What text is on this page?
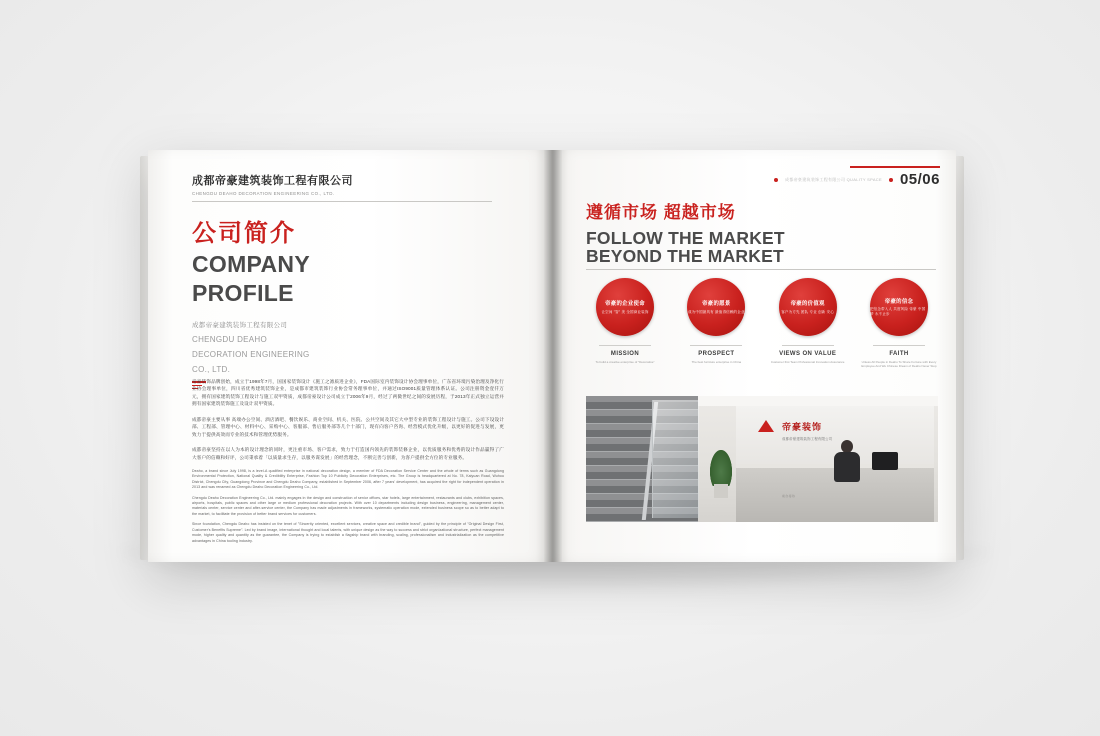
成都帝豪建筑装饰工程有限公司
CHENGDU DEAHO DECORATION ENGINEERING CO., LTD.
公司简介
COMPANY
PROFILE
成都帝豪建筑装饰工程有限公司
CHENGDU DEAHO
DECORATION ENGINEERING
CO., LTD.
帝豪装饰品牌创始，成立于1998年7月，国国家装饰设计《施工之凛质进企业》，FDA国际室内装饰设计协会理事单位，广东省环境污染治理及净化行业协会理事单位，四川省优秀建筑装饰企业，是成都市建筑装饰行业协会常务理事单位，并通过ISO9001质量管理体系认证。公司注册资金壹仟万元，拥有国家建筑装饰工程设计与施工双甲资质，成都帝豪设计公司成立于2006年9月，经过了两微世纪之间的发展历程，于2013年正式独立运营并拥有国家建筑装饰施工及设计双甲资质。
成都帝豪主要从事 高端办公空间、酒店酒吧、餐饮娱乐、商业空间、机关、医院、公共空间及其它大中型专业的装饰工程设计与施工。公司下设设计部、工程部、管理中心、材料中心、采购中心、客服部、售后服务部等几个十部门，现有向客户咨询、经营模式优化升级，以更好的促进与发展，更致力于提供高效而专业的技术和管理优势服务。
成都帝豪坚持在以人为本的设计理念的同时，更注重市场、客户需求，致力于打造国内领先的装饰装修企业，以优质服务和优秀的设计作品赢得了广大客户的信赖和好评，公司秉承着「以质量求生存，以服务谋发展」的经营理念，不断完善与创新，为客户提供全方位的专业服务。
Deaho, a brand since July 1998, is a level-A qualified enterprise in national decoration design, a member of FDA Decoration Service Center and the whole of terms such as Guangdong Environmental Protection, National Quality & Credibility Enterprise, Fashion Top 10 Publicity Decoration Enterprises, etc. The Group is headquartered at No. 78, Kaiyuan Road, Wuhou District, Chengdu City, Guangdong Province and Chengdu Deaho Company, established in September 2006, after 7 years' development, has acquired the right for independent operation in 2013 and was renamed as Chengdu Deaho Decoration Engineering Co., Ltd.
Chengdu Deaho Decoration Engineering Co., Ltd. mainly engages in the design and construction of senior offices, star hotels, large entertainment, restaurants and clubs, exhibition spaces, airports, hospitals, public spaces and other large or medium professional decoration projects. With over 10 departments including design business, engineering, management center, materials center, service center and after-service center, the Company has made adjustments in frameworks, systematic operation mode, extended business scope so as to better adapt to the market, to facilitate the provision of better brand services for customers.
Since foundation, Chengdu Deaho has insisted on the tenet of "Sincerity oriented, excellent services, creative space and credible brand", guided by the principle of "Original Design First, Customer's Benefits Supreme". Led by brand image, international thought and local talents, with unique design as the way to success and strict organizational structure, perfect management mode, higher quality and quantity as the guarantee, the Company is trying to establish a flagship brand with branding, scaling, professionalism and industrialization as the competitive advantages in China tooling industry.
成都帝豪建筑装饰工程有限公司 QUALITY SPACE 05/06
遵循市场 超越市场
FOLLOW THE MARKET
BEYOND THE MARKET
帝豪的企业使命
让空间 "智" 美 全国商业装饰
MISSION
To build a creative enterprise of "Decorative"
帝豪的愿景
成为中国最具有 最值得信赖的企业
PROSPECT
The best furniture enterprise in China
帝豪的价值观
客户为方先 团队 专业 创新 安心
VIEWS ON VALUE
Customer first Team Professional Innovation Assurance
帝豪的信念
把信念带入人 共度风险 帝豪 中国梦 永不止步
FAITH
Unless All People in Deaho To Share Fortune with Every Employee And We Chinese Dream of Deaho Never Stop
帝豪装饰
成都帝豪建筑装饰工程有限公司
前台接待
